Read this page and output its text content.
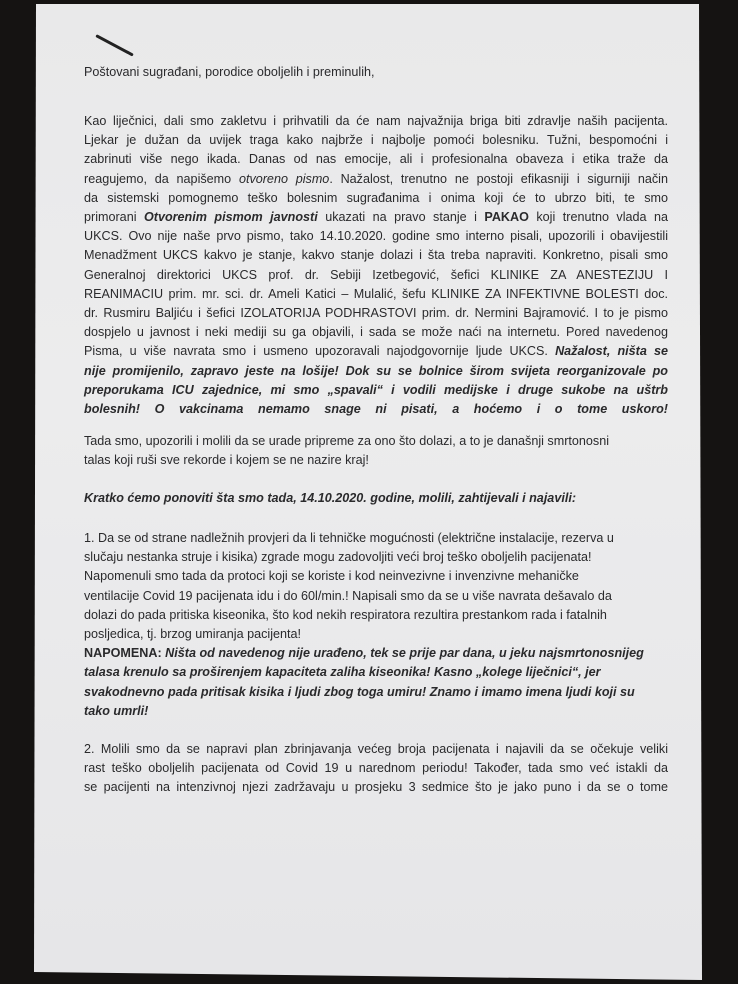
Poštovani sugrađani, porodice oboljelih i preminulih,
Kao liječnici, dali smo zakletvu i prihvatili da će nam najvažnija briga biti zdravlje naših pacijenta.
Ljekar je dužan da uvijek traga kako najbrže i najbolje pomoći bolesniku. Tužni, bespomoćni i
zabrinuti više nego ikada. Danas od nas emocije, ali i profesionalna obaveza i etika traže da
reagujemo, da napišemo otvoreno pismo. Nažalost, trenutno ne postoji efikasniji i sigurniji način
da sistemski pomognemo teško bolesnim sugrađanima i onima koji će to ubrzo biti, te smo
primorani Otvorenim pismom javnosti ukazati na pravo stanje i PAKAO koji trenutno vlada na
UKCS. Ovo nije naše prvo pismo, tako 14.10.2020. godine smo interno pisali, upozorili i obavijestili
Menadžment UKCS kakvo je stanje, kakvo stanje dolazi i šta treba napraviti. Konkretno, pisali smo
Generalnoj direktorici UKCS prof. dr. Sebiji Izetbegović, šefici KLINIKE ZA ANESTEZIJU I
REANIMACIU prim. mr. sci. dr. Ameli Katici – Mulalić, šefu KLINIKE ZA INFEKTIVNE BOLESTI doc.
dr. Rusmiru Baljiću i šefici IZOLATORIJA PODHRASTOVI prim. dr. Nermini Bajramović. I to je pismo
dospjelo u javnost i neki mediji su ga objavili, i sada se može naći na internetu. Pored navedenog
Pisma, u više navrata smo i usmeno upozoravali najodgovornije ljude UKCS. Nažalost, ništa se
nije promijenilo, zapravo jeste na lošije! Dok su se bolnice širom svijeta reorganizovale po
preporukama ICU zajednice, mi smo „spavali“ i vodili medijske i druge sukobe na uštrb
bolesnih! O vakcinama nemamo snage ni pisati, a hoćemo i o tome uskoro!
Tada smo, upozorili i molili da se urade pripreme za ono što dolazi, a to je današnji smrtonosni
talas koji ruši sve rekorde i kojem se ne nazire kraj!
Kratko ćemo ponoviti šta smo tada, 14.10.2020. godine, molili, zahtijevali i najavili:
1. Da se od strane nadležnih provjeri da li tehničke mogućnosti (električne instalacije, rezerva u
slučaju nestanka struje i kisika) zgrade mogu zadovoljiti veći broj teško oboljelih pacijenata!
Napomenuli smo tada da protoci koji se koriste i kod neinvezivne i invenzivne mehaničke
ventilacije Covid 19 pacijenata idu i do 60l/min.! Napisali smo da se u više navrata dešavalo da
dolazi do pada pritiska kiseonika, što kod nekih respiratora rezultira prestankom rada i fatalnih
posljedica, tj. brzog umiranja pacijenta!
NAPOMENA: Ništa od navedenog nije urađeno, tek se prije par dana, u jeku najsmrtonosnijeg
talasa krenulo sa proširenjem kapaciteta zaliha kiseonika! Kasno „kolege liječnici“, jer
svakodnevno pada pritisak kisika i ljudi zbog toga umiru! Znamo i imamo imena ljudi koji su
tako umrli!
2. Molili smo da se napravi plan zbrinjavanja većeg broja pacijenata i najavili da se očekuje veliki
rast teško oboljelih pacijenata od Covid 19 u narednom periodu! Također, tada smo već istakli da
se pacijenti na intenzivnoj njezi zadržavaju u prosjeku 3 sedmice što je jako puno i da se o tome
